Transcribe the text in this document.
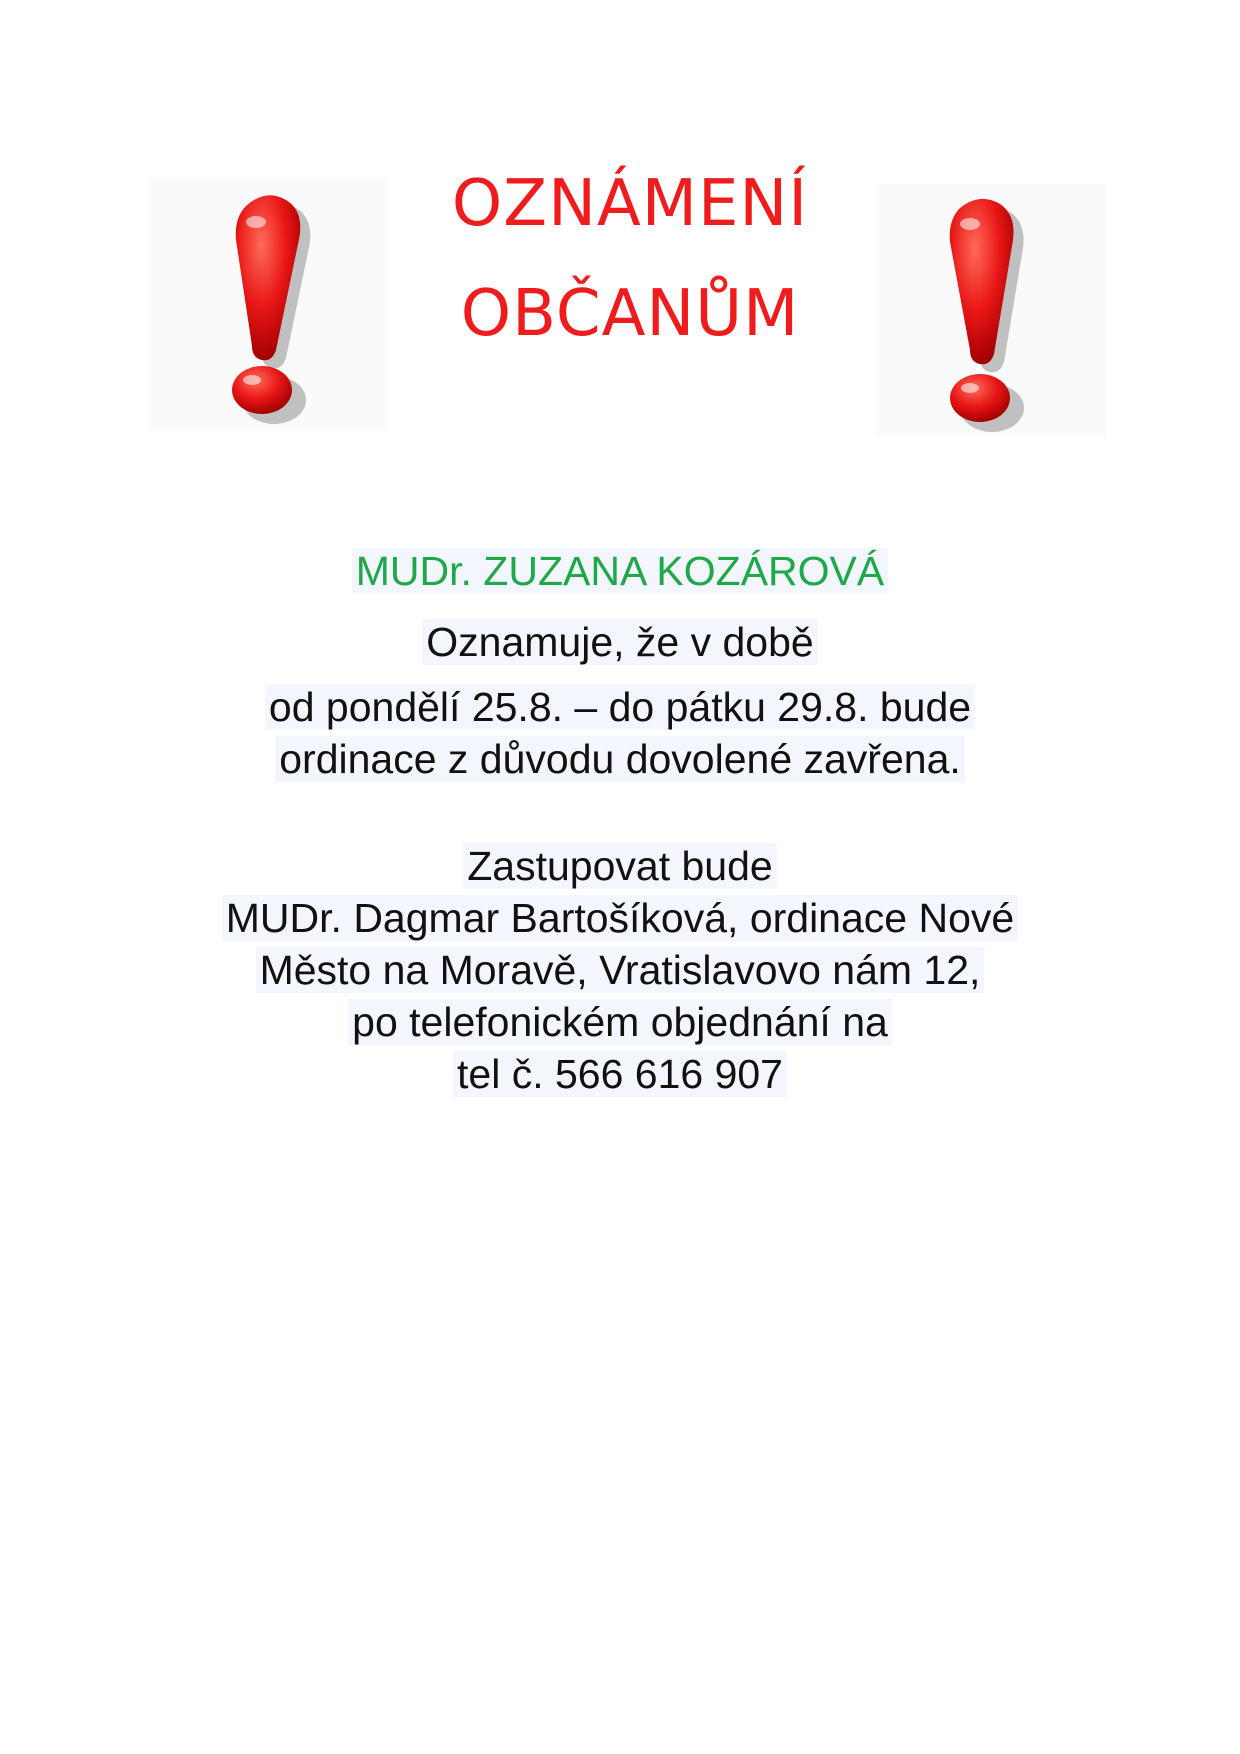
OZNÁMENÍ
OBČANŮM

MUDr. ZUZANA KOZÁROVÁ

Oznamuje, že v době

od pondělí 25.8. – do pátku 29.8. bude

ordinace z důvodu dovolené zavřena.

Zastupovat bude

MUDr. Dagmar Bartošíková, ordinace Nové

Město na Moravě, Vratislavovo nám 12,

po telefonickém objednání na

tel č. 566 616 907
